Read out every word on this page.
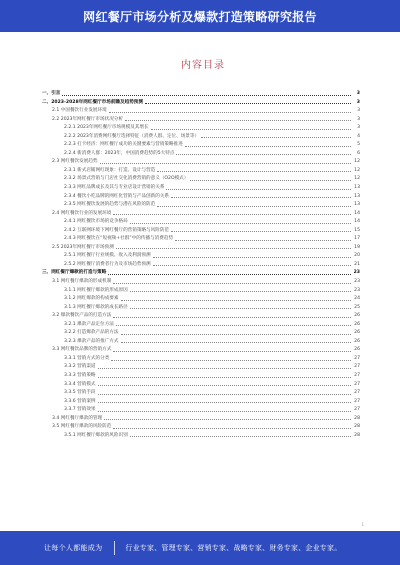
网红餐厅市场分析及爆款打造策略研究报告
内容目录
一、引言	3
二、2023-2028年网红餐厅市场前瞻及趋势预测	3
2.1 中国餐饮行业发展环境	3
2.2 2023年网红餐厅市场状况分析	3
2.2.1 2023年网红餐厅市场规模及其增长	3
2.2.2 2023年消费网红餐厅选择特征（消费人群、定位、场景等）	4
2.2.3 打卡经济：网红餐厅成功的关键要素与营销策略推进	5
2.2.4 新消费人群：2023年，中国消费趋势的5大特点	6
2.3 网红餐饮发展趋势	12
2.3.1 新式店铺网红现象：打造、设计与营造	12
2.3.2 场景式营销与门店社交化消费营销的意义（O2O模式）	12
2.3.3 网红品牌成长及其与专业店设计营销的关系	13
2.3.4 餐饮小吃品牌的网红化营销与产品创新的关系	13
2.3.5 网红餐饮发展的趋势与潜在风险的防范	13
2.4 网红餐饮行业的发展环境	14
2.4.1 网红餐饮市场的竞争格局	14
2.4.2 互联网环境下网红餐厅的营销策略与风险防范	15
2.4.3 网红餐饮在“短视频+社群”中的传播与消费趋势	17
2.5 2023年网红餐厅市场预测	19
2.5.1 网红餐厅行业规模、收入及利润预测	20
2.5.2 网红餐厅消费者行为及市场趋势预测	21
三、网红餐厅爆款的打造与策略	23
3.1 网红餐厅爆款的形成机制	23
3.1.1 网红餐厅爆款的形成原因	23
3.1.2 网红爆款的构成要素	24
3.1.3 网红餐厅爆款的成长路径	25
3.2 爆款餐饮产品的打造方法	26
3.2.1 爆款产品定位方法	26
3.2.2 打造爆款产品的方法	26
3.2.3 爆款产品的推广方式	26
3.3 网红餐饮品牌的营销方式	26
3.3.1 营销方式的分类	27
3.3.2 营销渠道	27
3.3.3 营销策略	27
3.3.4 营销模式	27
3.3.5 营销手段	27
3.3.6 营销案例	27
3.3.7 营销效果	27
3.4 网红餐厅爆款的管理	28
3.5 网红餐厅爆款的风险防范	28
3.5.1 网红餐厅爆款的风险识别	28
1
让每个人都能成为	行业专家、管理专家、营销专家、战略专家、财务专家、企业专家。
